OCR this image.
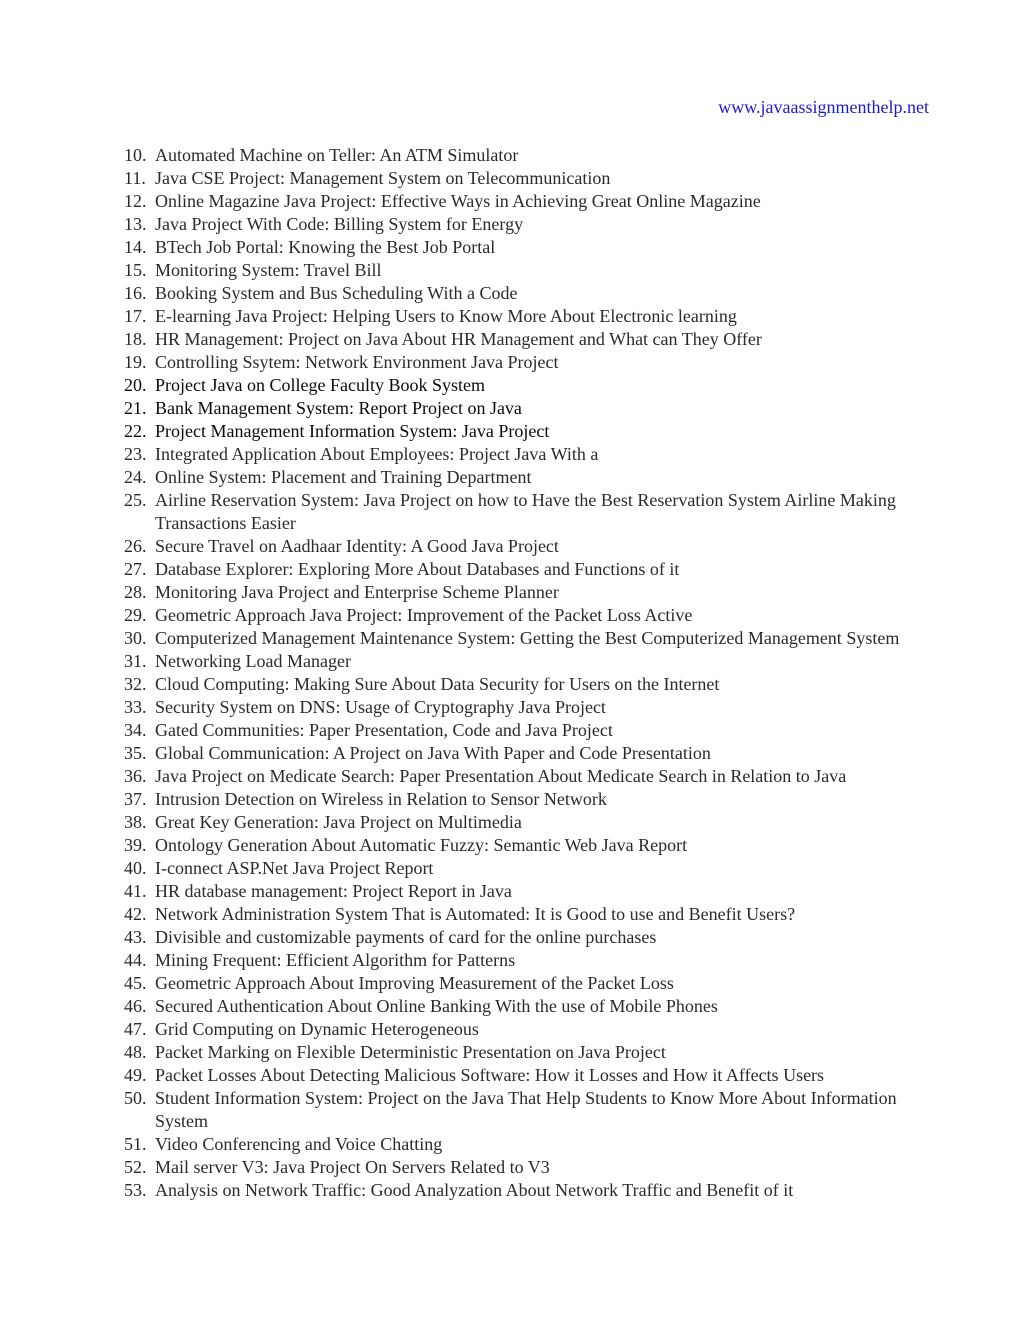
www.javaassignmenthelp.net
10. Automated Machine on Teller: An ATM Simulator
11. Java CSE Project: Management System on Telecommunication
12. Online Magazine Java Project: Effective Ways in Achieving Great Online Magazine
13. Java Project With Code: Billing System for Energy
14. BTech Job Portal: Knowing the Best Job Portal
15. Monitoring System: Travel Bill
16. Booking System and Bus Scheduling With a Code
17. E-learning Java Project: Helping Users to Know More About Electronic learning
18. HR Management: Project on Java About HR Management and What can They Offer
19. Controlling Ssytem: Network Environment Java Project
20. Project Java on College Faculty Book System
21. Bank Management System: Report Project on Java
22. Project Management Information System: Java Project
23. Integrated Application About Employees: Project Java With a
24. Online System: Placement and Training Department
25. Airline Reservation System: Java Project on how to Have the Best Reservation System Airline Making Transactions Easier
26. Secure Travel on Aadhaar Identity: A Good Java Project
27. Database Explorer: Exploring More About Databases and Functions of it
28. Monitoring Java Project and Enterprise Scheme Planner
29. Geometric Approach Java Project: Improvement of the Packet Loss Active
30. Computerized Management Maintenance System: Getting the Best Computerized Management System
31. Networking Load Manager
32. Cloud Computing: Making Sure About Data Security for Users on the Internet
33. Security System on DNS: Usage of Cryptography Java Project
34. Gated Communities: Paper Presentation, Code and Java Project
35. Global Communication: A Project on Java With Paper and Code Presentation
36. Java Project on Medicate Search: Paper Presentation About Medicate Search in Relation to Java
37. Intrusion Detection on Wireless in Relation to Sensor Network
38. Great Key Generation: Java Project on Multimedia
39. Ontology Generation About Automatic Fuzzy: Semantic Web Java Report
40. I-connect ASP.Net Java Project Report
41. HR database management: Project Report in Java
42. Network Administration System That is Automated: It is Good to use and Benefit Users?
43. Divisible and customizable payments of card for the online purchases
44. Mining Frequent: Efficient Algorithm for Patterns
45. Geometric Approach About Improving Measurement of the Packet Loss
46. Secured Authentication About Online Banking With the use of Mobile Phones
47. Grid Computing on Dynamic Heterogeneous
48. Packet Marking on Flexible Deterministic Presentation on Java Project
49. Packet Losses About Detecting Malicious Software: How it Losses and How it Affects Users
50. Student Information System: Project on the Java That Help Students to Know More About Information System
51. Video Conferencing and Voice Chatting
52. Mail server V3: Java Project On Servers Related to V3
53. Analysis on Network Traffic: Good Analyzation About Network Traffic and Benefit of it
